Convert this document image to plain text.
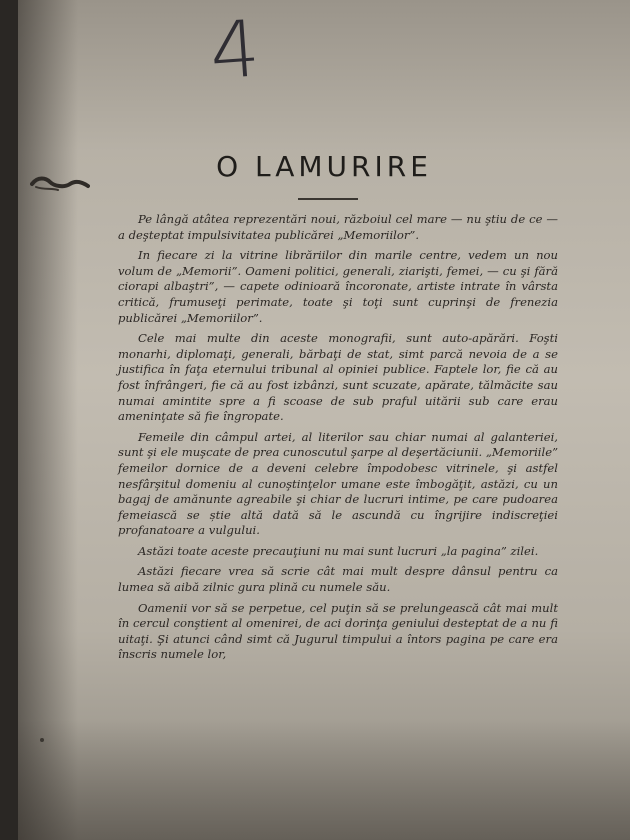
4
O LAMURIRE

Pe lângă atâtea reprezentări noui, războiul cel mare — nu ştiu de ce — a deşteptat impulsivitatea publicărei „Memoriilor”.

In fiecare zi la vitrine librăriilor din marile centre, vedem un nou volum de „Memorii”. Oameni politici, generali, ziarişti, femei, — cu şi fără ciorapi albaştri”, — capete odinioară încoronate, artiste intrate în vârsta critică, frumuseţi perimate, toate şi toţi sunt cuprinşi de frenezia publicărei „Memoriilor”.

Cele mai multe din aceste monografii, sunt auto-apărări. Foşti monarhi, diplomaţi, generali, bărbaţi de stat, simt parcă nevoia de a se justifica în faţa eternului tribunal al opiniei publice. Faptele lor, fie că au fost înfrângeri, fie că au fost izbânzi, sunt scuzate, apărate, tălmăcite sau numai amintite spre a fi scoase de sub praful uitării sub care erau ameninţate să fie îngropate.

Femeile din câmpul artei, al literilor sau chiar numai al galanteriei, sunt şi ele muşcate de prea cunoscutul şarpe al deşertăciunii. „Memoriile” femeilor dornice de a deveni celebre împodobesc vitrinele, şi astfel nesfârşitul domeniu al cunoştinţelor umane este îmbogăţit, astăzi, cu un bagaj de amănunte agreabile şi chiar de lucruri intime, pe care pudoarea femeiască se știe altă dată să le ascundă cu îngrijire indiscreţiei profanatoare a vulgului.

Astăzi toate aceste precauţiuni nu mai sunt lucruri „la pagina” zilei.

Astăzi fiecare vrea să scrie cât mai mult despre dânsul pentru ca lumea să aibă zilnic gura plină cu numele său.

Oamenii vor să se perpetue, cel puţin să se prelungească cât mai mult în cercul conştient al omenirei, de aci dorinţa geniului desteptat de a nu fi uitaţi. Şi atunci când simt că Jugurul timpului a întors pagina pe care era înscris numele lor,
